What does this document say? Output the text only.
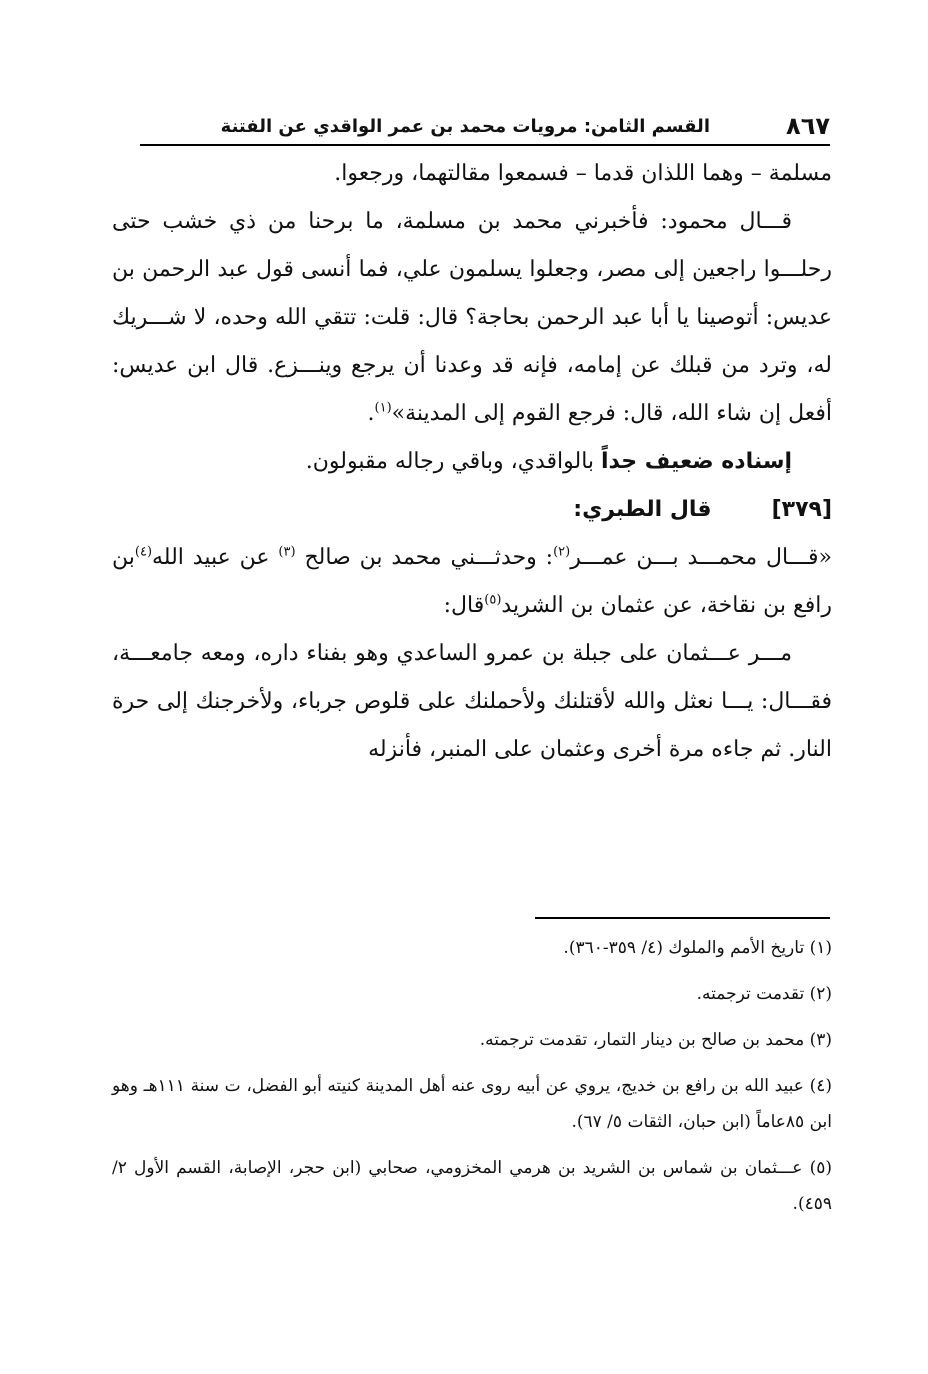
٨٦٧
القسم الثامن: مرويات محمد بن عمر الواقدي عن الفتنة

مسلمة – وهما اللذان قدما – فسمعوا مقالتهما، ورجعوا.

قـــال محمود: فأخبرني محمد بن مسلمة، ما برحنا من ذي خشب حتى رحلـــوا راجعين إلى مصر، وجعلوا يسلمون علي، فما أنسى قول عبد الرحمن بن عديس: أتوصينا يا أبا عبد الرحمن بحاجة؟ قال: قلت: تتقي الله وحده، لا شـــريك له، وترد من قبلك عن إمامه، فإنه قد وعدنا أن يرجع وينـــزع. قال ابن عديس: أفعل إن شاء الله، قال: فرجع القوم إلى المدينة»$^{(١)}$.

إسناده ضعيف جداً بالواقدي، وباقي رجاله مقبولون.

[٣٧٩]
قال الطبري:

«قـــال محمـــد بـــن عمـــر$^{(٢)}$: وحدثـــني محمد بن صالح $^{(٣)}$ عن عبيد الله$^{(٤)}$بن رافع بن نقاخة، عن عثمان بن الشريد$^{(٥)}$قال:

مـــر عـــثمان على جبلة بن عمرو الساعدي وهو بفناء داره، ومعه جامعـــة، فقـــال: يـــا نعثل والله لأقتلنك ولأحملنك على قلوص جرباء، ولأخرجنك إلى حرة النار. ثم جاءه مرة أخرى وعثمان على المنبر، فأنزله

(١) تاريخ الأمم والملوك (٤/ ٣٥٩-٣٦٠).

(٢) تقدمت ترجمته.

(٣) محمد بن صالح بن دينار التمار، تقدمت ترجمته.

(٤) عبيد الله بن رافع بن خديج، يروي عن أبيه روى عنه أهل المدينة كنيته أبو الفضل، ت سنة ١١١هـ وهو ابن ٨٥عاماً (ابن حبان، الثقات ٥/ ٦٧).

(٥) عـــثمان بن شماس بن الشريد بن هرمي المخزومي، صحابي (ابن حجر، الإصابة، القسم الأول ٢/ ٤٥٩).
